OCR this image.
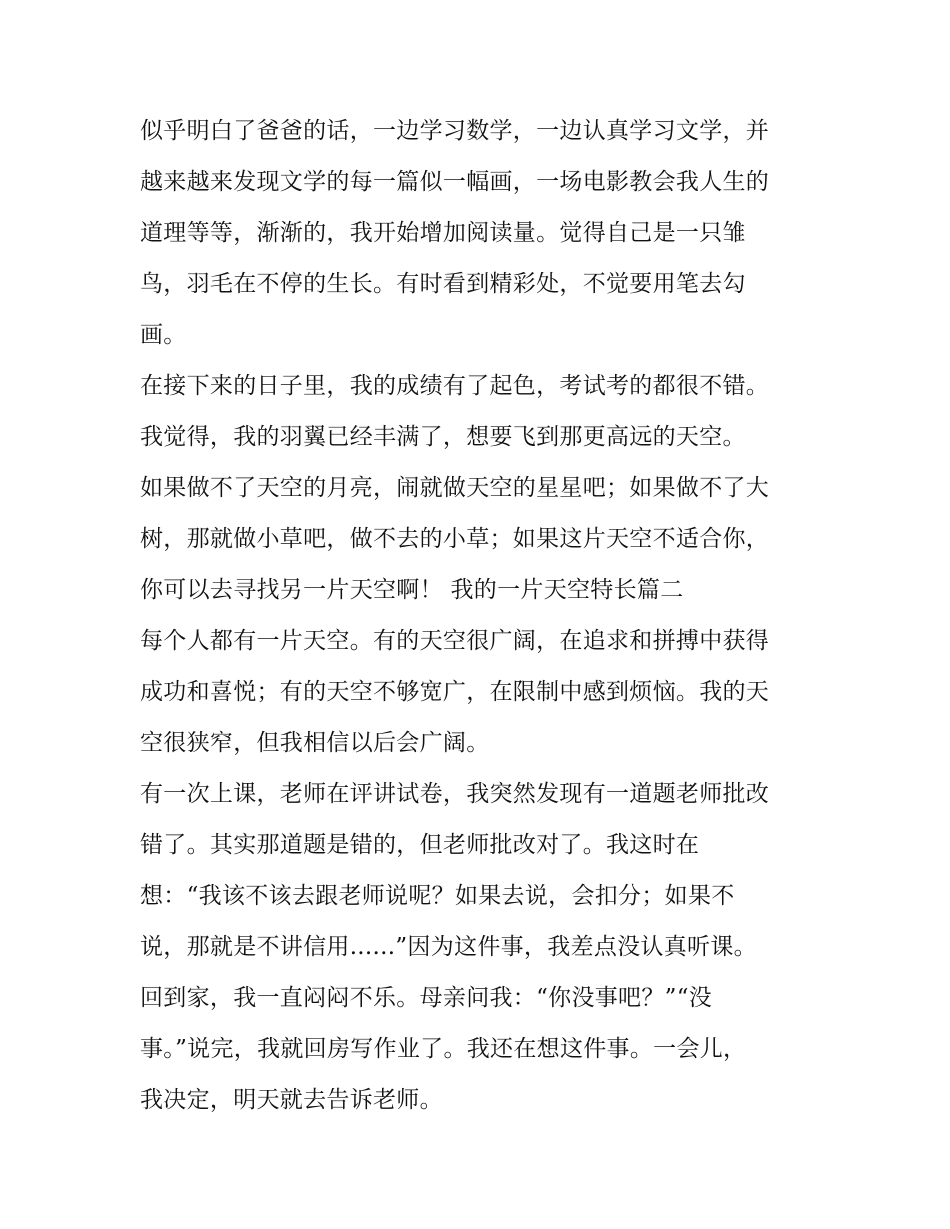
似乎明白了爸爸的话，一边学习数学，一边认真学习文学，并
越来越来发现文学的每一篇似一幅画，一场电影教会我人生的
道理等等，渐渐的，我开始增加阅读量。觉得自己是一只雏
鸟，羽毛在不停的生长。有时看到精彩处，不觉要用笔去勾
画。
在接下来的日子里，我的成绩有了起色，考试考的都很不错。
我觉得，我的羽翼已经丰满了，想要飞到那更高远的天空。
如果做不了天空的月亮，闹就做天空的星星吧；如果做不了大
树，那就做小草吧，做不去的小草；如果这片天空不适合你，
你可以去寻找另一片天空啊！ 我的一片天空特长篇二
每个人都有一片天空。有的天空很广阔，在追求和拼搏中获得
成功和喜悦；有的天空不够宽广，在限制中感到烦恼。我的天
空很狭窄，但我相信以后会广阔。
有一次上课，老师在评讲试卷，我突然发现有一道题老师批改
错了。其实那道题是错的，但老师批改对了。我这时在
想：“我该不该去跟老师说呢？如果去说，会扣分；如果不
说，那就是不讲信用......”因为这件事，我差点没认真听课。
回到家，我一直闷闷不乐。母亲问我：“你没事吧？”“没
事。”说完，我就回房写作业了。我还在想这件事。一会儿，
我决定，明天就去告诉老师。
